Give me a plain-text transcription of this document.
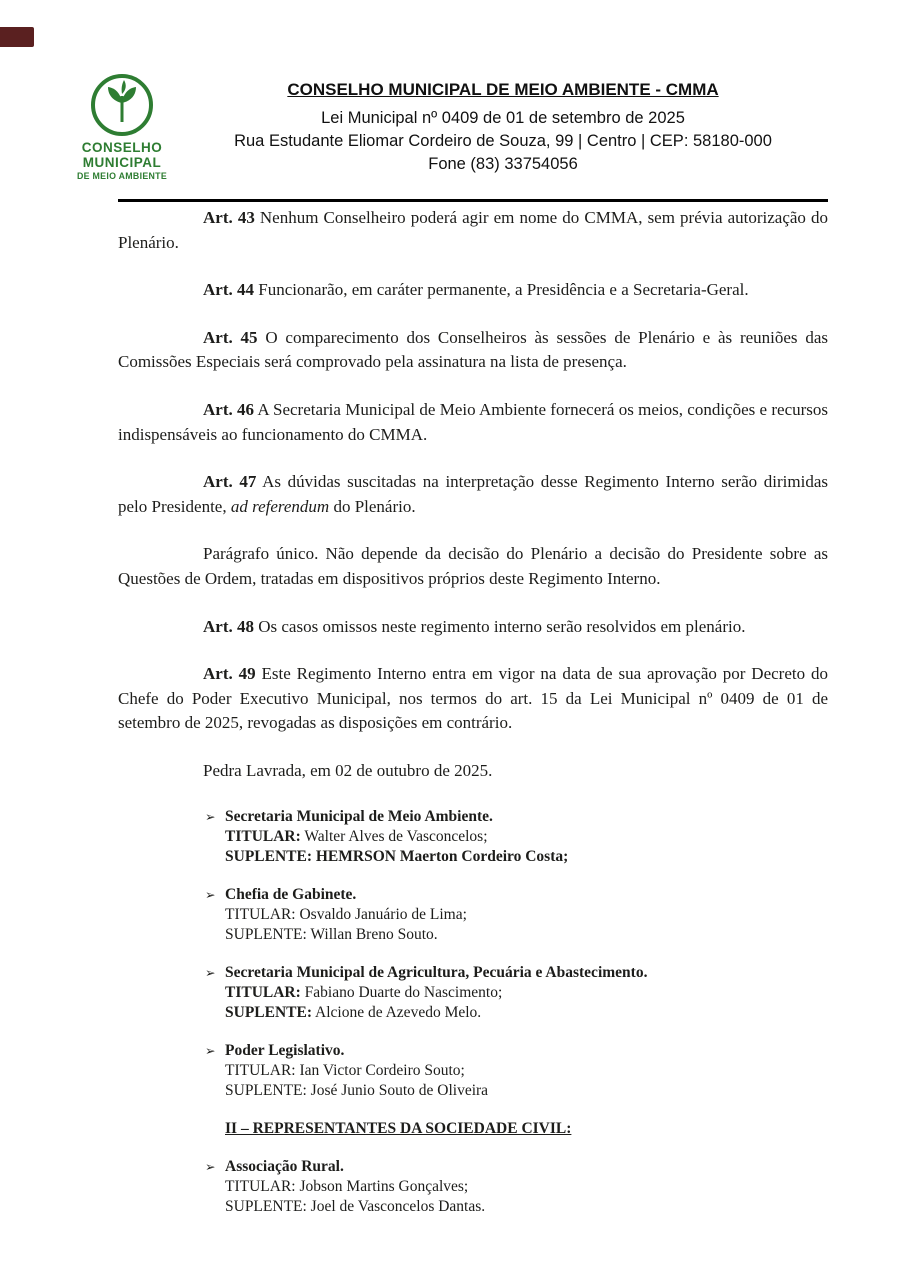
CONSELHO
MUNICIPAL
DE MEIO AMBIENTE
CONSELHO MUNICIPAL DE MEIO AMBIENTE - CMMA
Lei Municipal nº 0409 de 01 de setembro de 2025
Rua Estudante Eliomar Cordeiro de Souza, 99 | Centro | CEP: 58180-000
Fone (83) 33754056

Art. 43 Nenhum Conselheiro poderá agir em nome do CMMA, sem prévia autorização do Plenário.

Art. 44 Funcionarão, em caráter permanente, a Presidência e a Secretaria-Geral.

Art. 45 O comparecimento dos Conselheiros às sessões de Plenário e às reuniões das Comissões Especiais será comprovado pela assinatura na lista de presença.

Art. 46 A Secretaria Municipal de Meio Ambiente fornecerá os meios, condições e recursos indispensáveis ao funcionamento do CMMA.

Art. 47 As dúvidas suscitadas na interpretação desse Regimento Interno serão dirimidas pelo Presidente, ad referendum do Plenário.

Parágrafo único. Não depende da decisão do Plenário a decisão do Presidente sobre as Questões de Ordem, tratadas em dispositivos próprios deste Regimento Interno.

Art. 48 Os casos omissos neste regimento interno serão resolvidos em plenário.

Art. 49 Este Regimento Interno entra em vigor na data de sua aprovação por Decreto do Chefe do Poder Executivo Municipal, nos termos do art. 15 da Lei Municipal nº 0409 de 01 de setembro de 2025, revogadas as disposições em contrário.

Pedra Lavrada, em 02 de outubro de 2025.

➢ Secretaria Municipal de Meio Ambiente.
TITULAR: Walter Alves de Vasconcelos;
SUPLENTE: HEMRSON Maerton Cordeiro Costa;
➢ Chefia de Gabinete.
TITULAR: Osvaldo Januário de Lima;
SUPLENTE: Willan Breno Souto.
➢ Secretaria Municipal de Agricultura, Pecuária e Abastecimento.
TITULAR: Fabiano Duarte do Nascimento;
SUPLENTE: Alcione de Azevedo Melo.
➢ Poder Legislativo.
TITULAR: Ian Victor Cordeiro Souto;
SUPLENTE: José Junio Souto de Oliveira
II – REPRESENTANTES DA SOCIEDADE CIVIL:
➢ Associação Rural.
TITULAR: Jobson Martins Gonçalves;
SUPLENTE: Joel de Vasconcelos Dantas.
